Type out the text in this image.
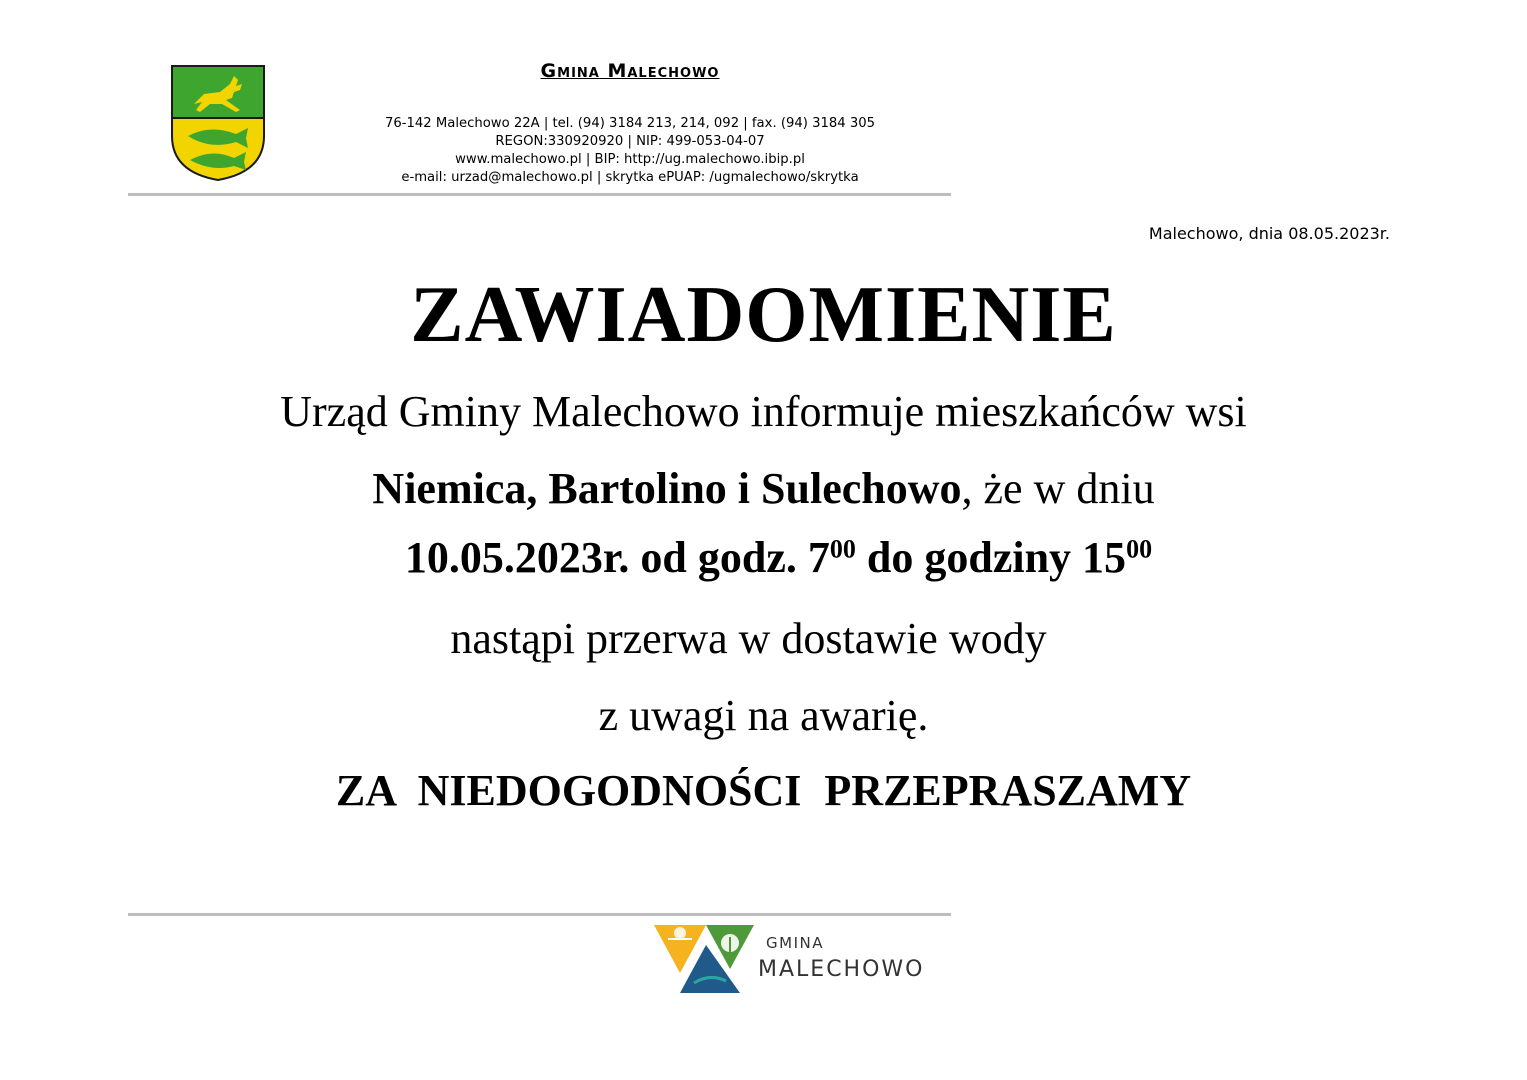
Gmina Malechowo
76-142 Malechowo 22A | tel. (94) 3184 213, 214, 092 | fax. (94) 3184 305
REGON:330920920 | NIP: 499-053-04-07
www.malechowo.pl | BIP: http://ug.malechowo.ibip.pl
e-mail: urzad@malechowo.pl | skrytka ePUAP: /ugmalechowo/skrytka
Malechowo, dnia 08.05.2023r.
ZAWIADOMIENIE
Urząd Gminy Malechowo informuje mieszkańców wsi
Niemica, Bartolino i Sulechowo, że w dniu
10.05.2023r. od godz. $7^{00}$ do godziny $15^{00}$
nastąpi przerwa w dostawie wody
z uwagi na awarię.
ZA NIEDOGODNOŚCI PRZEPRASZAMY
GMINA
MALECHOWO
